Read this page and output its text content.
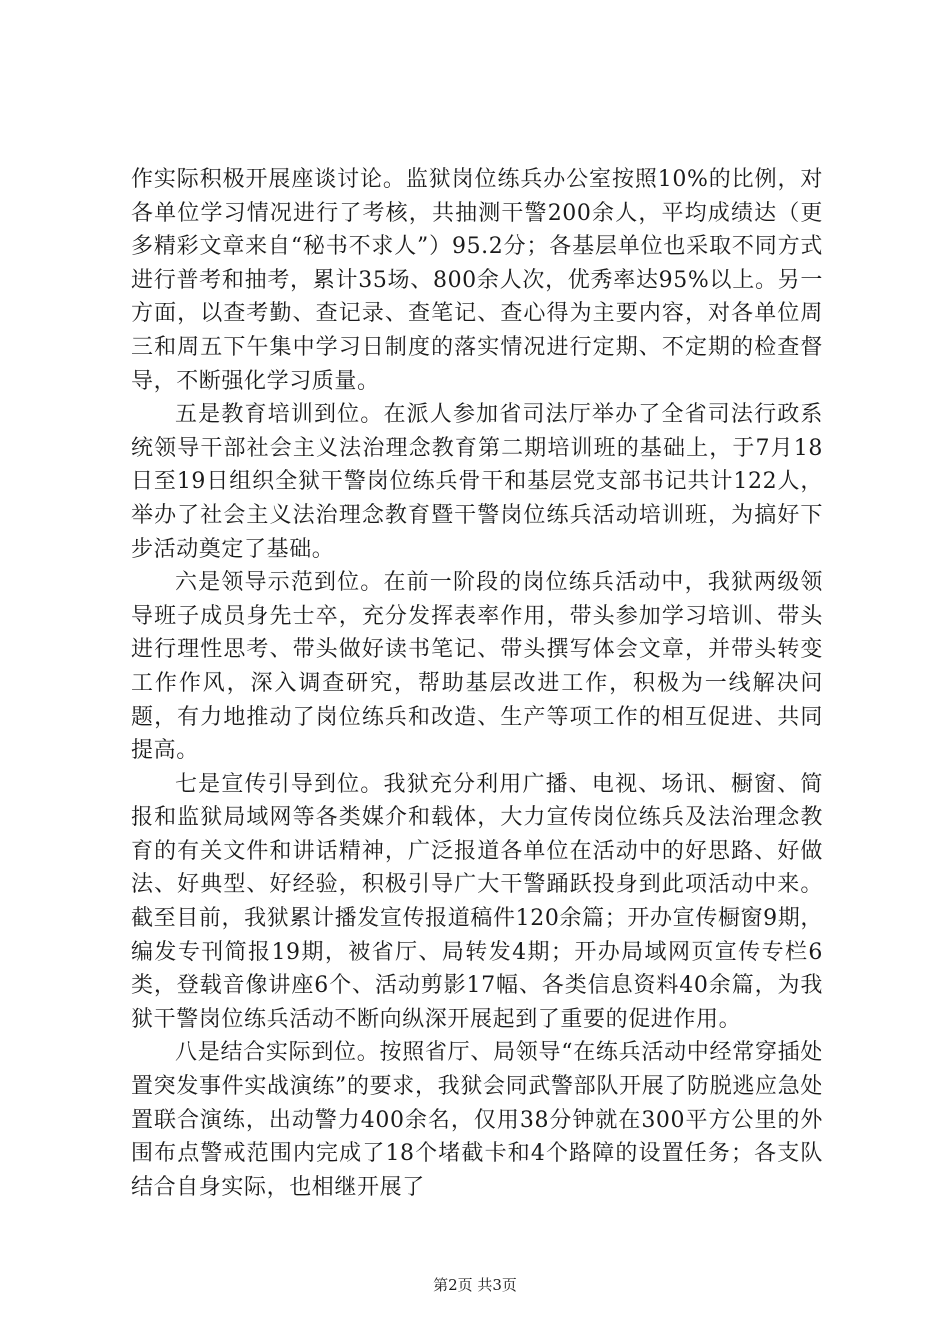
作实际积极开展座谈讨论。监狱岗位练兵办公室按照10%的比例，对各单位学习情况进行了考核，共抽测干警200余人，平均成绩达（更多精彩文章来自“秘书不求人”）95.2分；各基层单位也采取不同方式进行普考和抽考，累计35场、800余人次，优秀率达95%以上。另一方面，以查考勤、查记录、查笔记、查心得为主要内容，对各单位周三和周五下午集中学习日制度的落实情况进行定期、不定期的检查督导，不断强化学习质量。

五是教育培训到位。在派人参加省司法厅举办了全省司法行政系统领导干部社会主义法治理念教育第二期培训班的基础上，于7月18日至19日组织全狱干警岗位练兵骨干和基层党支部书记共计122人，举办了社会主义法治理念教育暨干警岗位练兵活动培训班，为搞好下步活动奠定了基础。

六是领导示范到位。在前一阶段的岗位练兵活动中，我狱两级领导班子成员身先士卒，充分发挥表率作用，带头参加学习培训、带头进行理性思考、带头做好读书笔记、带头撰写体会文章，并带头转变工作作风，深入调查研究，帮助基层改进工作，积极为一线解决问题，有力地推动了岗位练兵和改造、生产等项工作的相互促进、共同提高。

七是宣传引导到位。我狱充分利用广播、电视、场讯、橱窗、简报和监狱局域网等各类媒介和载体，大力宣传岗位练兵及法治理念教育的有关文件和讲话精神，广泛报道各单位在活动中的好思路、好做法、好典型、好经验，积极引导广大干警踊跃投身到此项活动中来。截至目前，我狱累计播发宣传报道稿件120余篇；开办宣传橱窗9期，编发专刊简报19期，被省厅、局转发4期；开办局域网页宣传专栏6类，登载音像讲座6个、活动剪影17幅、各类信息资料40余篇，为我狱干警岗位练兵活动不断向纵深开展起到了重要的促进作用。

八是结合实际到位。按照省厅、局领导“在练兵活动中经常穿插处置突发事件实战演练”的要求，我狱会同武警部队开展了防脱逃应急处置联合演练，出动警力400余名，仅用38分钟就在300平方公里的外围布点警戒范围内完成了18个堵截卡和4个路障的设置任务；各支队结合自身实际，也相继开展了

第2页 共3页
